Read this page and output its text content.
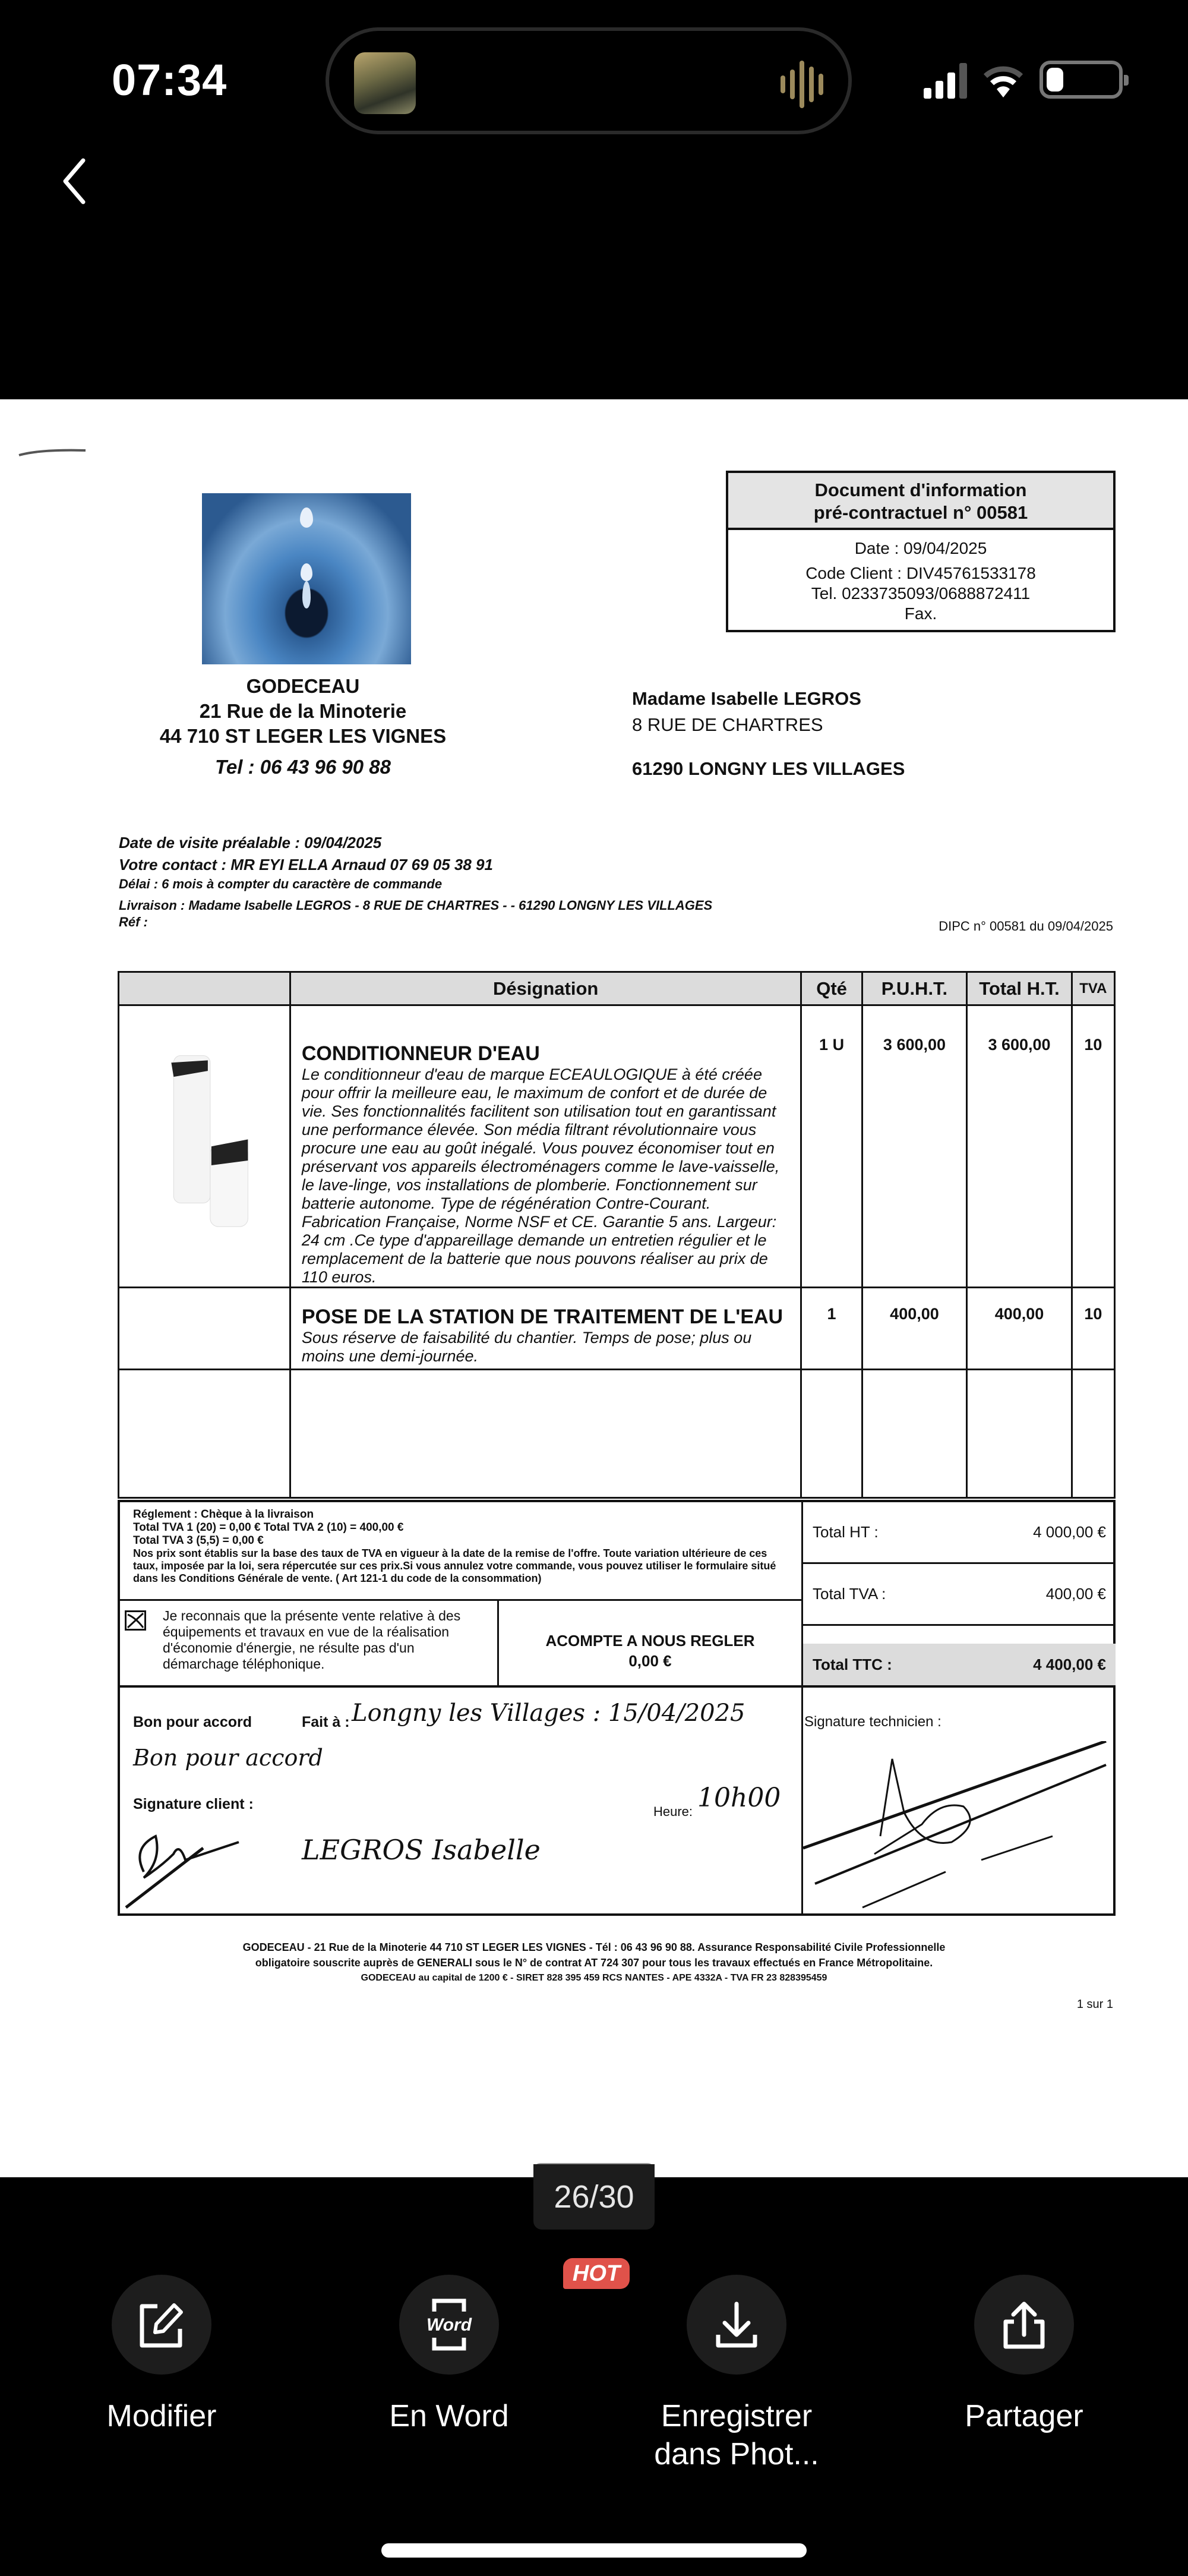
07:34
GODECEAU
21 Rue de la Minoterie
44 710 ST LEGER LES VIGNES
Tel : 06 43 96 90 88
Document d'information
pré-contractuel n° 00581
Date : 09/04/2025
Code Client : DIV45761533178
Tel. 0233735093/0688872411
Fax.
Madame Isabelle LEGROS
8 RUE DE CHARTRES
61290 LONGNY LES VILLAGES
Date de visite préalable : 09/04/2025
Votre contact : MR EYI ELLA Arnaud 07 69 05 38 91
Délai : 6 mois à compter du caractère de commande
Livraison : Madame Isabelle LEGROS - 8 RUE DE CHARTRES - - 61290 LONGNY LES VILLAGES
Réf :	DIPC n° 00581 du 09/04/2025
	Désignation	Qté	P.U.H.T.	Total H.T.	TVA

CONDITIONNEUR D'EAU
Le conditionneur d'eau de marque ECEAULOGIQUE à été créée pour offrir la meilleure eau, le maximum de confort et de durée de vie. Ses fonctionnalités facilitent son utilisation tout en garantissant une performance élevée. Son média filtrant révolutionnaire vous procure une eau au goût inégalé. Vous pouvez économiser tout en préservant vos appareils électroménagers comme le lave-vaisselle, le lave-linge, vos installations de plomberie. Fonctionnement sur batterie autonome. Type de régénération Contre-Courant. Fabrication Française, Norme NSF et CE. Garantie 5 ans. Largeur: 24 cm .Ce type d'appareillage demande un entretien régulier et le remplacement de la batterie que nous pouvons réaliser au prix de 110 euros.	1 U	3 600,00	3 600,00	10

	POSE DE LA STATION DE TRAITEMENT DE L'EAU
Sous réserve de faisabilité du chantier. Temps de pose; plus ou moins une demi-journée.	1	400,00	400,00	10

Réglement : Chèque à la livraison
Total TVA 1 (20) = 0,00 € Total TVA 2 (10) = 400,00 €
Total TVA 3 (5,5) = 0,00 €
Nos prix sont établis sur la base des taux de TVA en vigueur à la date de la remise de l'offre. Toute variation ultérieure de ces taux, imposée par la loi, sera répercutée sur ces prix.Si vous annulez votre commande, vous pouvez utiliser le formulaire situé dans les Conditions Générale de vente. ( Art 121-1 du code de la consommation)
Je reconnais que la présente vente relative à des équipements et travaux en vue de la réalisation d'économie d'énergie, ne résulte pas d'un démarchage téléphonique.
ACOMPTE A NOUS REGLER
0,00 €
Total HT :	4 000,00 €
Total TVA :	400,00 €
Total TTC :	4 400,00 €
Bon pour accord	Fait à : Longny les Villages : 15/04/2025
Bon pour accord
Signature client :	Heure: 10h00
LEGROS Isabelle
Signature technicien :
GODECEAU - 21 Rue de la Minoterie 44 710 ST LEGER LES VIGNES - Tél : 06 43 96 90 88. Assurance Responsabilité Civile Professionnelle
obligatoire souscrite auprès de GENERALI sous le N° de contrat AT 724 307 pour tous les travaux effectués en France Métropolitaine.
GODECEAU au capital de 1200 € - SIRET 828 395 459 RCS NANTES - APE 4332A - TVA FR 23 828395459
1 sur 1
26/30
Modifier
Word
HOT
En Word	Enregistrer dans Phot...
Partager
